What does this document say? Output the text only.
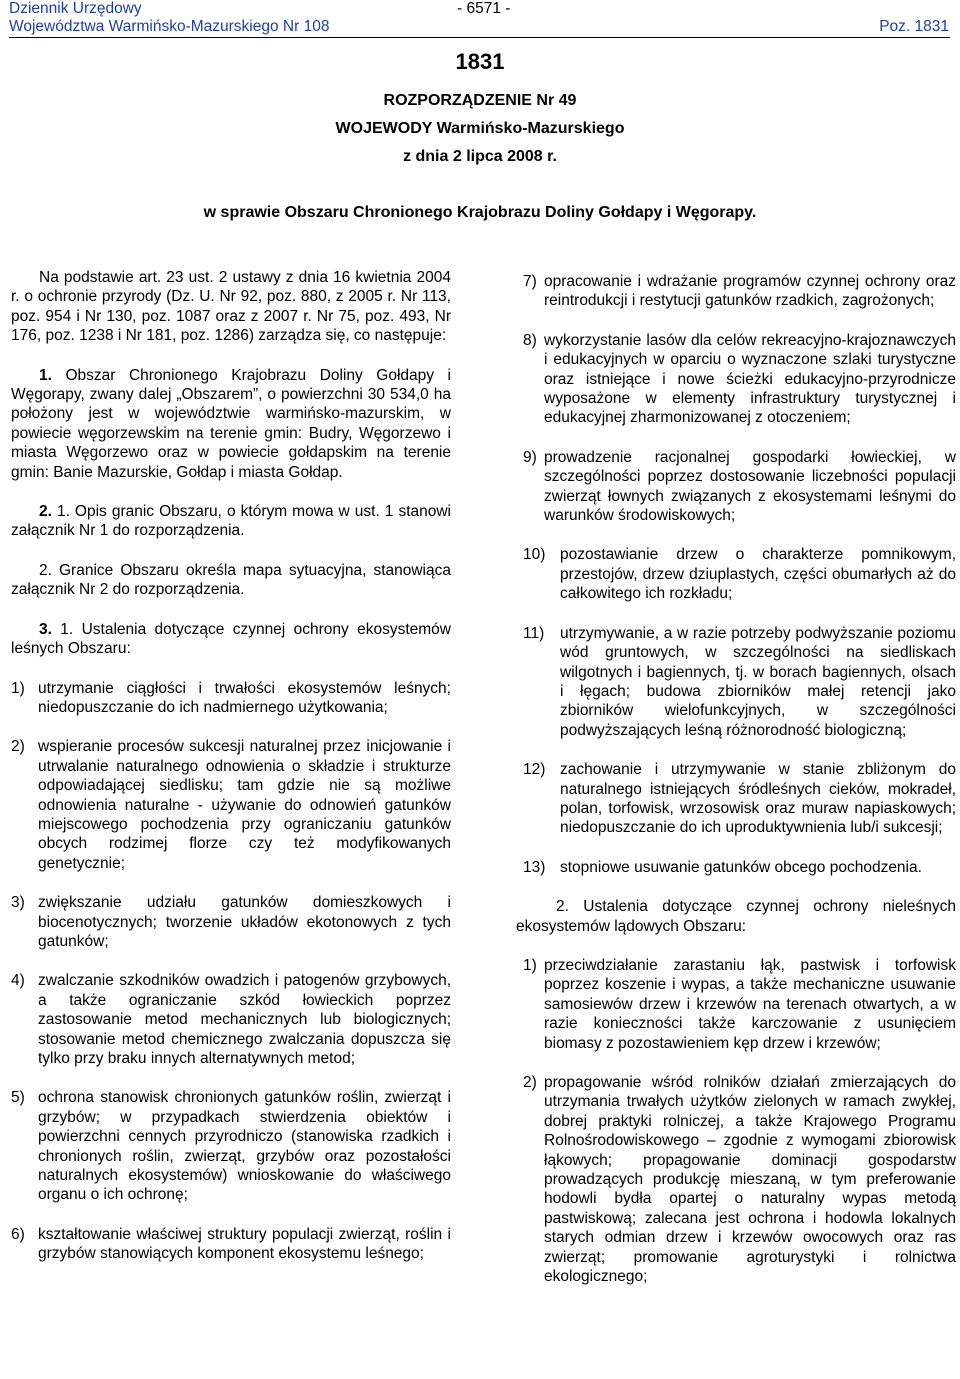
Dziennik Urzędowy	- 6571 -
Województwa Warmińsko-Mazurskiego Nr 108	Poz. 1831
1831
ROZPORZĄDZENIE Nr 49
WOJEWODY Warmińsko-Mazurskiego
z dnia 2 lipca 2008 r.
w sprawie Obszaru Chronionego Krajobrazu Doliny Gołdapy i Węgorapy.

Na podstawie art. 23 ust. 2 ustawy z dnia 16 kwietnia 2004 r. o ochronie przyrody (Dz. U. Nr 92, poz. 880, z 2005 r. Nr 113, poz. 954 i Nr 130, poz. 1087 oraz z 2007 r. Nr 75, poz. 493, Nr 176, poz. 1238 i Nr 181, poz. 1286) zarządza się, co następuje:

1. Obszar Chronionego Krajobrazu Doliny Gołdapy i Węgorapy, zwany dalej „Obszarem”, o powierzchni 30 534,0 ha położony jest w województwie warmińsko-mazurskim, w powiecie węgorzewskim na terenie gmin: Budry, Węgorzewo i miasta Węgorzewo oraz w powiecie gołdapskim na terenie gmin: Banie Mazurskie, Gołdap i miasta Gołdap.

2. 1. Opis granic Obszaru, o którym mowa w ust. 1 stanowi załącznik Nr 1 do rozporządzenia.

2. Granice Obszaru określa mapa sytuacyjna, stanowiąca załącznik Nr 2 do rozporządzenia.

3. 1. Ustalenia dotyczące czynnej ochrony ekosystemów leśnych Obszaru:

1) utrzymanie ciągłości i trwałości ekosystemów leśnych; niedopuszczanie do ich nadmiernego użytkowania;
2) wspieranie procesów sukcesji naturalnej przez inicjowanie i utrwalanie naturalnego odnowienia o składzie i strukturze odpowiadającej siedlisku; tam gdzie nie są możliwe odnowienia naturalne - używanie do odnowień gatunków miejscowego pochodzenia przy ograniczaniu gatunków obcych rodzimej florze czy też modyfikowanych genetycznie;
3) zwiększanie udziału gatunków domieszkowych i biocenotycznych; tworzenie układów ekotonowych z tych gatunków;
4) zwalczanie szkodników owadzich i patogenów grzybowych, a także ograniczanie szkód łowieckich poprzez zastosowanie metod mechanicznych lub biologicznych; stosowanie metod chemicznego zwalczania dopuszcza się tylko przy braku innych alternatywnych metod;
5) ochrona stanowisk chronionych gatunków roślin, zwierząt i grzybów; w przypadkach stwierdzenia obiektów i powierzchni cennych przyrodniczo (stanowiska rzadkich i chronionych roślin, zwierząt, grzybów oraz pozostałości naturalnych ekosystemów) wnioskowanie do właściwego organu o ich ochronę;
6) kształtowanie właściwej struktury populacji zwierząt, roślin i grzybów stanowiących komponent ekosystemu leśnego;
7) opracowanie i wdrażanie programów czynnej ochrony oraz reintrodukcji i restytucji gatunków rzadkich, zagrożonych;
8) wykorzystanie lasów dla celów rekreacyjno-krajoznawczych i edukacyjnych w oparciu o wyznaczone szlaki turystyczne oraz istniejące i nowe ścieżki edukacyjno-przyrodnicze wyposażone w elementy infrastruktury turystycznej i edukacyjnej zharmonizowanej z otoczeniem;
9) prowadzenie racjonalnej gospodarki łowieckiej, w szczególności poprzez dostosowanie liczebności populacji zwierząt łownych związanych z ekosystemami leśnymi do warunków środowiskowych;
10) pozostawianie drzew o charakterze pomnikowym, przestojów, drzew dziuplastych, części obumarłych aż do całkowitego ich rozkładu;
11)	utrzymywanie, a w razie potrzeby podwyższanie poziomu wód gruntowych, w szczególności na siedliskach wilgotnych i bagiennych, tj. w borach bagiennych, olsach i łęgach; budowa zbiorników małej retencji jako zbiorników wielofunkcyjnych, w szczególności podwyższających leśną różnorodność biologiczną;
12) zachowanie i utrzymywanie w stanie zbliżonym do naturalnego istniejących śródleśnych cieków, mokradeł, polan, torfowisk, wrzosowisk oraz muraw napiaskowych; niedopuszczanie do ich uproduktywnienia lub/i sukcesji;
13) stopniowe usuwanie gatunków obcego pochodzenia.

2. Ustalenia dotyczące czynnej ochrony nieleśnych ekosystemów lądowych Obszaru:

1) przeciwdziałanie zarastaniu łąk, pastwisk i torfowisk poprzez koszenie i wypas, a także mechaniczne usuwanie samosiewów drzew i krzewów na terenach otwartych, a w razie konieczności także karczowanie z usunięciem biomasy z pozostawieniem kęp drzew i krzewów;
2) propagowanie wśród rolników działań zmierzających do utrzymania trwałych użytków zielonych w ramach zwykłej, dobrej praktyki rolniczej, a także Krajowego Programu Rolnośrodowiskowego – zgodnie z wymogami zbiorowisk łąkowych; propagowanie dominacji gospodarstw prowadzących produkcję mieszaną, w tym preferowanie hodowli bydła opartej o naturalny wypas metodą pastwiskową; zalecana jest ochrona i hodowla lokalnych starych odmian drzew i krzewów owocowych oraz ras zwierząt; promowanie agroturystyki i rolnictwa ekologicznego;
